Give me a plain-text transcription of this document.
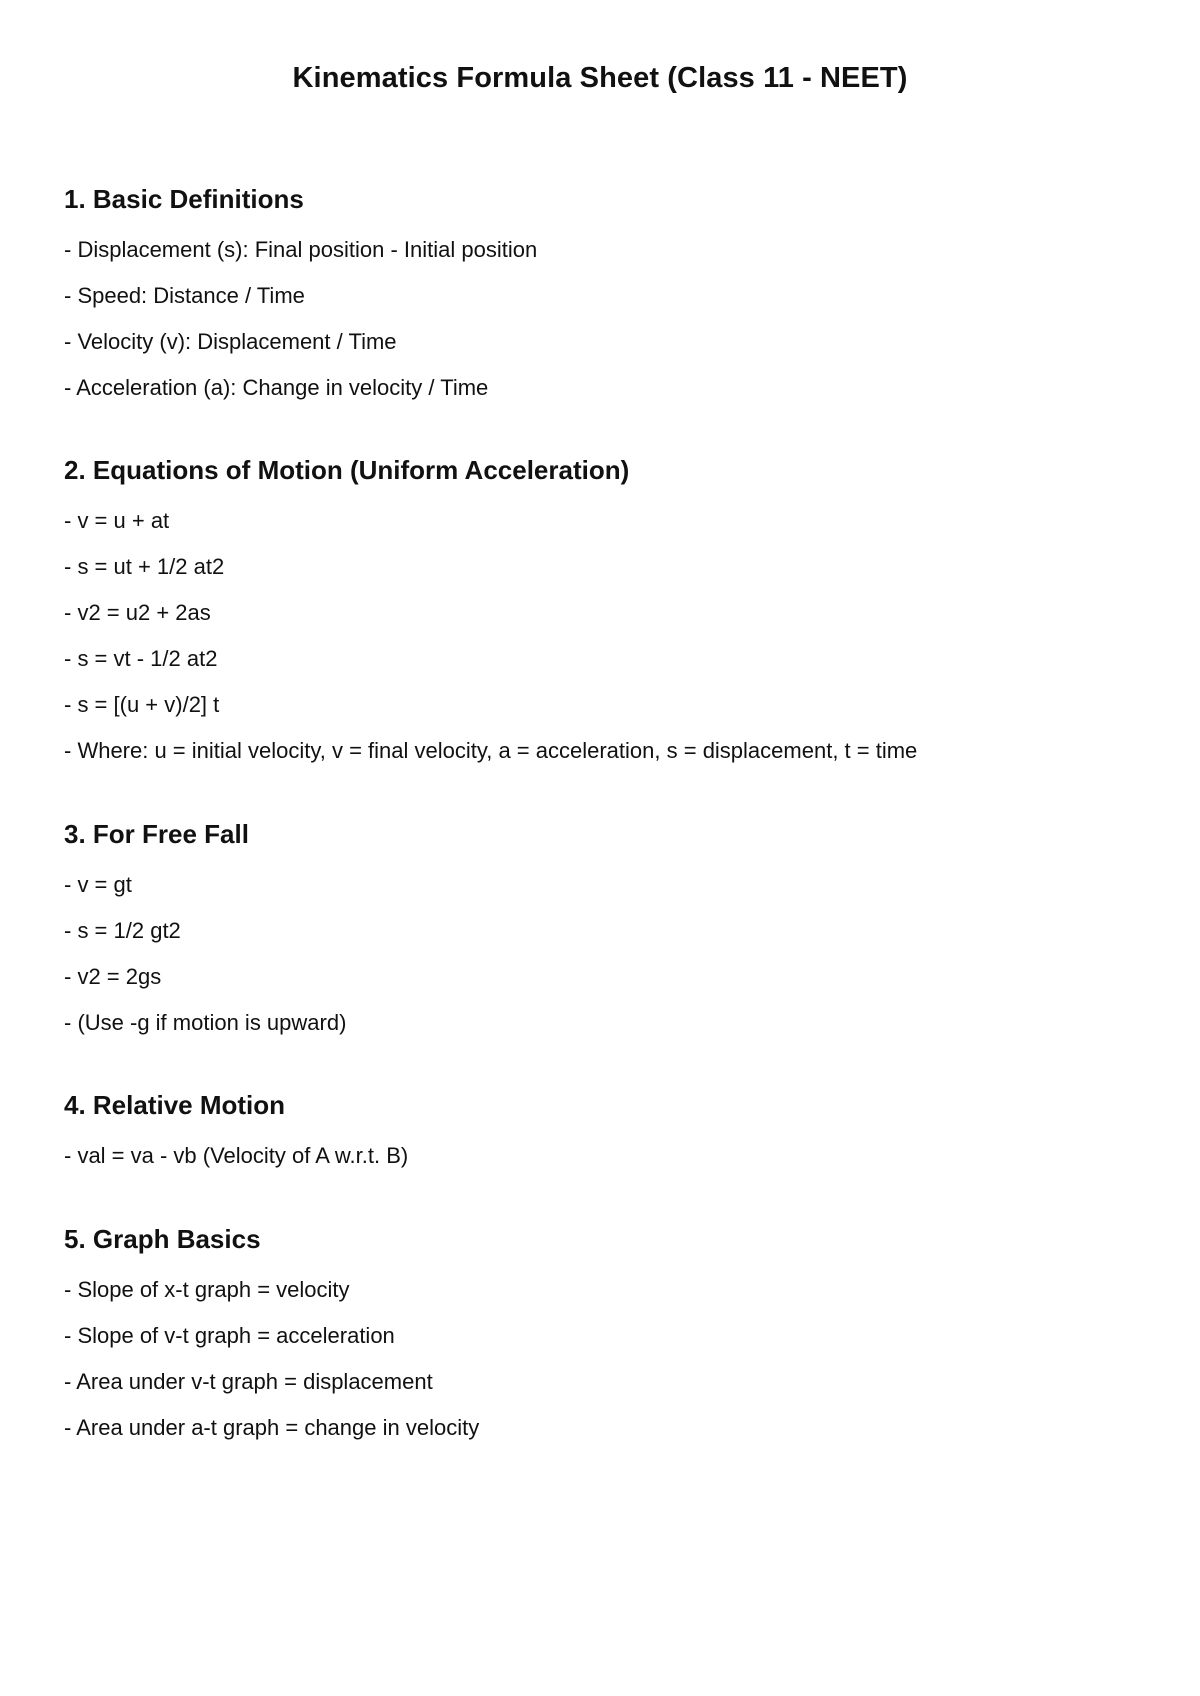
Kinematics Formula Sheet (Class 11 - NEET)
1. Basic Definitions
- Displacement (s): Final position - Initial position
- Speed: Distance / Time
- Velocity (v): Displacement / Time
- Acceleration (a): Change in velocity / Time
2. Equations of Motion (Uniform Acceleration)
- v = u + at
- s = ut + 1/2 at2
- v2 = u2 + 2as
- s = vt - 1/2 at2
- s = [(u + v)/2] t
- Where: u = initial velocity, v = final velocity, a = acceleration, s = displacement, t = time
3. For Free Fall
- v = gt
- s = 1/2 gt2
- v2 = 2gs
- (Use -g if motion is upward)
4. Relative Motion
- val = va - vb (Velocity of A w.r.t. B)
5. Graph Basics
- Slope of x-t graph = velocity
- Slope of v-t graph = acceleration
- Area under v-t graph = displacement
- Area under a-t graph = change in velocity
